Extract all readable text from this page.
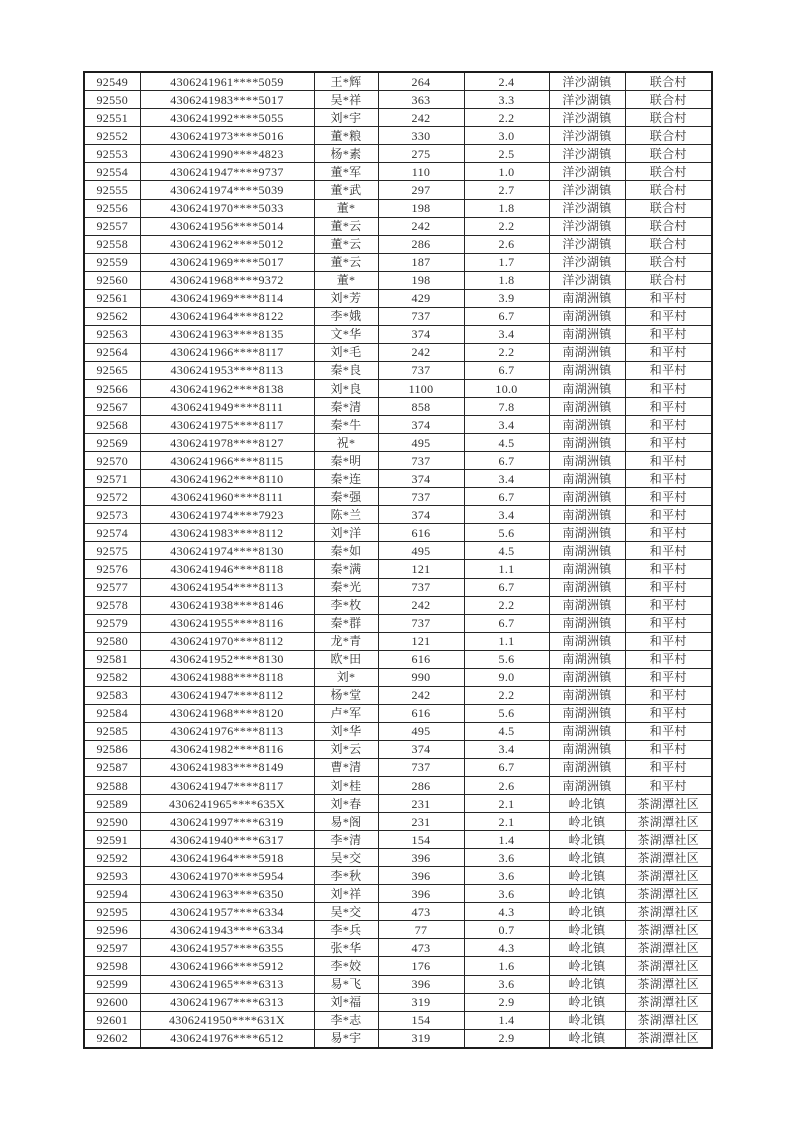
92549	4306241961****5059	王*辉	264	2.4	洋沙湖镇	联合村
92550	4306241983****5017	吴*祥	363	3.3	洋沙湖镇	联合村
92551	4306241992****5055	刘*宇	242	2.2	洋沙湖镇	联合村
92552	4306241973****5016	董*粮	330	3.0	洋沙湖镇	联合村
92553	4306241990****4823	杨*素	275	2.5	洋沙湖镇	联合村
92554	4306241947****9737	董*军	110	1.0	洋沙湖镇	联合村
92555	4306241974****5039	董*武	297	2.7	洋沙湖镇	联合村
92556	4306241970****5033	董*	198	1.8	洋沙湖镇	联合村
92557	4306241956****5014	董*云	242	2.2	洋沙湖镇	联合村
92558	4306241962****5012	董*云	286	2.6	洋沙湖镇	联合村
92559	4306241969****5017	董*云	187	1.7	洋沙湖镇	联合村
92560	4306241968****9372	董*	198	1.8	洋沙湖镇	联合村
92561	4306241969****8114	刘*芳	429	3.9	南湖洲镇	和平村
92562	4306241964****8122	李*娥	737	6.7	南湖洲镇	和平村
92563	4306241963****8135	文*华	374	3.4	南湖洲镇	和平村
92564	4306241966****8117	刘*毛	242	2.2	南湖洲镇	和平村
92565	4306241953****8113	秦*良	737	6.7	南湖洲镇	和平村
92566	4306241962****8138	刘*良	1100	10.0	南湖洲镇	和平村
92567	4306241949****8111	秦*清	858	7.8	南湖洲镇	和平村
92568	4306241975****8117	秦*牛	374	3.4	南湖洲镇	和平村
92569	4306241978****8127	祝*	495	4.5	南湖洲镇	和平村
92570	4306241966****8115	秦*明	737	6.7	南湖洲镇	和平村
92571	4306241962****8110	秦*连	374	3.4	南湖洲镇	和平村
92572	4306241960****8111	秦*强	737	6.7	南湖洲镇	和平村
92573	4306241974****7923	陈*兰	374	3.4	南湖洲镇	和平村
92574	4306241983****8112	刘*洋	616	5.6	南湖洲镇	和平村
92575	4306241974****8130	秦*如	495	4.5	南湖洲镇	和平村
92576	4306241946****8118	秦*满	121	1.1	南湖洲镇	和平村
92577	4306241954****8113	秦*光	737	6.7	南湖洲镇	和平村
92578	4306241938****8146	李*枚	242	2.2	南湖洲镇	和平村
92579	4306241955****8116	秦*群	737	6.7	南湖洲镇	和平村
92580	4306241970****8112	龙*青	121	1.1	南湖洲镇	和平村
92581	4306241952****8130	欧*田	616	5.6	南湖洲镇	和平村
92582	4306241988****8118	刘*	990	9.0	南湖洲镇	和平村
92583	4306241947****8112	杨*堂	242	2.2	南湖洲镇	和平村
92584	4306241968****8120	卢*军	616	5.6	南湖洲镇	和平村
92585	4306241976****8113	刘*华	495	4.5	南湖洲镇	和平村
92586	4306241982****8116	刘*云	374	3.4	南湖洲镇	和平村
92587	4306241983****8149	曹*清	737	6.7	南湖洲镇	和平村
92588	4306241947****8117	刘*桂	286	2.6	南湖洲镇	和平村
92589	4306241965****635X	刘*春	231	2.1	岭北镇	茶湖潭社区
92590	4306241997****6319	易*阁	231	2.1	岭北镇	茶湖潭社区
92591	4306241940****6317	李*清	154	1.4	岭北镇	茶湖潭社区
92592	4306241964****5918	吴*交	396	3.6	岭北镇	茶湖潭社区
92593	4306241970****5954	李*秋	396	3.6	岭北镇	茶湖潭社区
92594	4306241963****6350	刘*祥	396	3.6	岭北镇	茶湖潭社区
92595	4306241957****6334	吴*交	473	4.3	岭北镇	茶湖潭社区
92596	4306241943****6334	李*兵	77	0.7	岭北镇	茶湖潭社区
92597	4306241957****6355	张*华	473	4.3	岭北镇	茶湖潭社区
92598	4306241966****5912	李*姣	176	1.6	岭北镇	茶湖潭社区
92599	4306241965****6313	易*飞	396	3.6	岭北镇	茶湖潭社区
92600	4306241967****6313	刘*福	319	2.9	岭北镇	茶湖潭社区
92601	4306241950****631X	李*志	154	1.4	岭北镇	茶湖潭社区
92602	4306241976****6512	易*宇	319	2.9	岭北镇	茶湖潭社区
